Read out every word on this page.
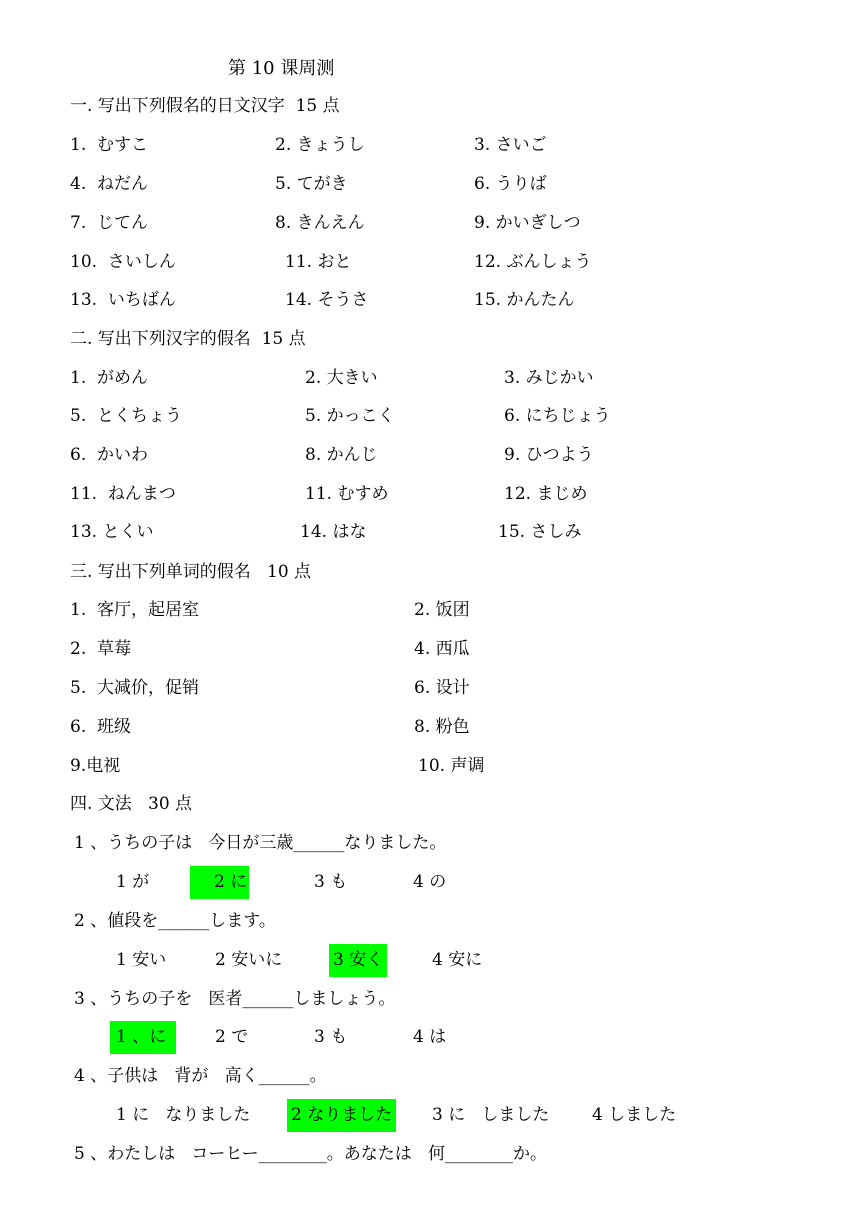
第 10 课周测
一. 写出下列假名的日文汉字  15 点
1.  むすこ	2. きょうし	3. さいご
4.  ねだん	5. てがき	6. うりば
7.  じてん	8. きんえん	9. かいぎしつ
10.  さいしん	11. おと	12. ぶんしょう
13.  いちばん	14. そうさ	15. かんたん
二. 写出下列汉字的假名  15 点
1.  がめん	2. 大きい	3. みじかい
5.  とくちょう	5. かっこく	6. にちじょう
6.  かいわ	8. かんじ	9. ひつよう
11.  ねんまつ	11. むすめ	12. まじめ
13. とくい	14. はな	15. さしみ
三. 写出下列单词的假名   10 点
1.  客厅，起居室	2. 饭团
2.  草莓	4. 西瓜
5.  大减价，促销	6. 设计
6.  班级	8. 粉色
9.电视	10. 声调
四. 文法   30 点
1 、うちの子は   今日が三歳______なりました。
1 が	2 に	3 も	4 の
2 、値段を______します。
1 安い	2 安いに	3 安く	4 安に
3 、うちの子を   医者______しましょう。
1 、に	2 で	3 も	4 は
4 、子供は   背が   高く______。
1 に   なりました 2 なりました 3 に   しました	4 しました
5 、わたしは   コーヒー________。あなたは   何________か。
